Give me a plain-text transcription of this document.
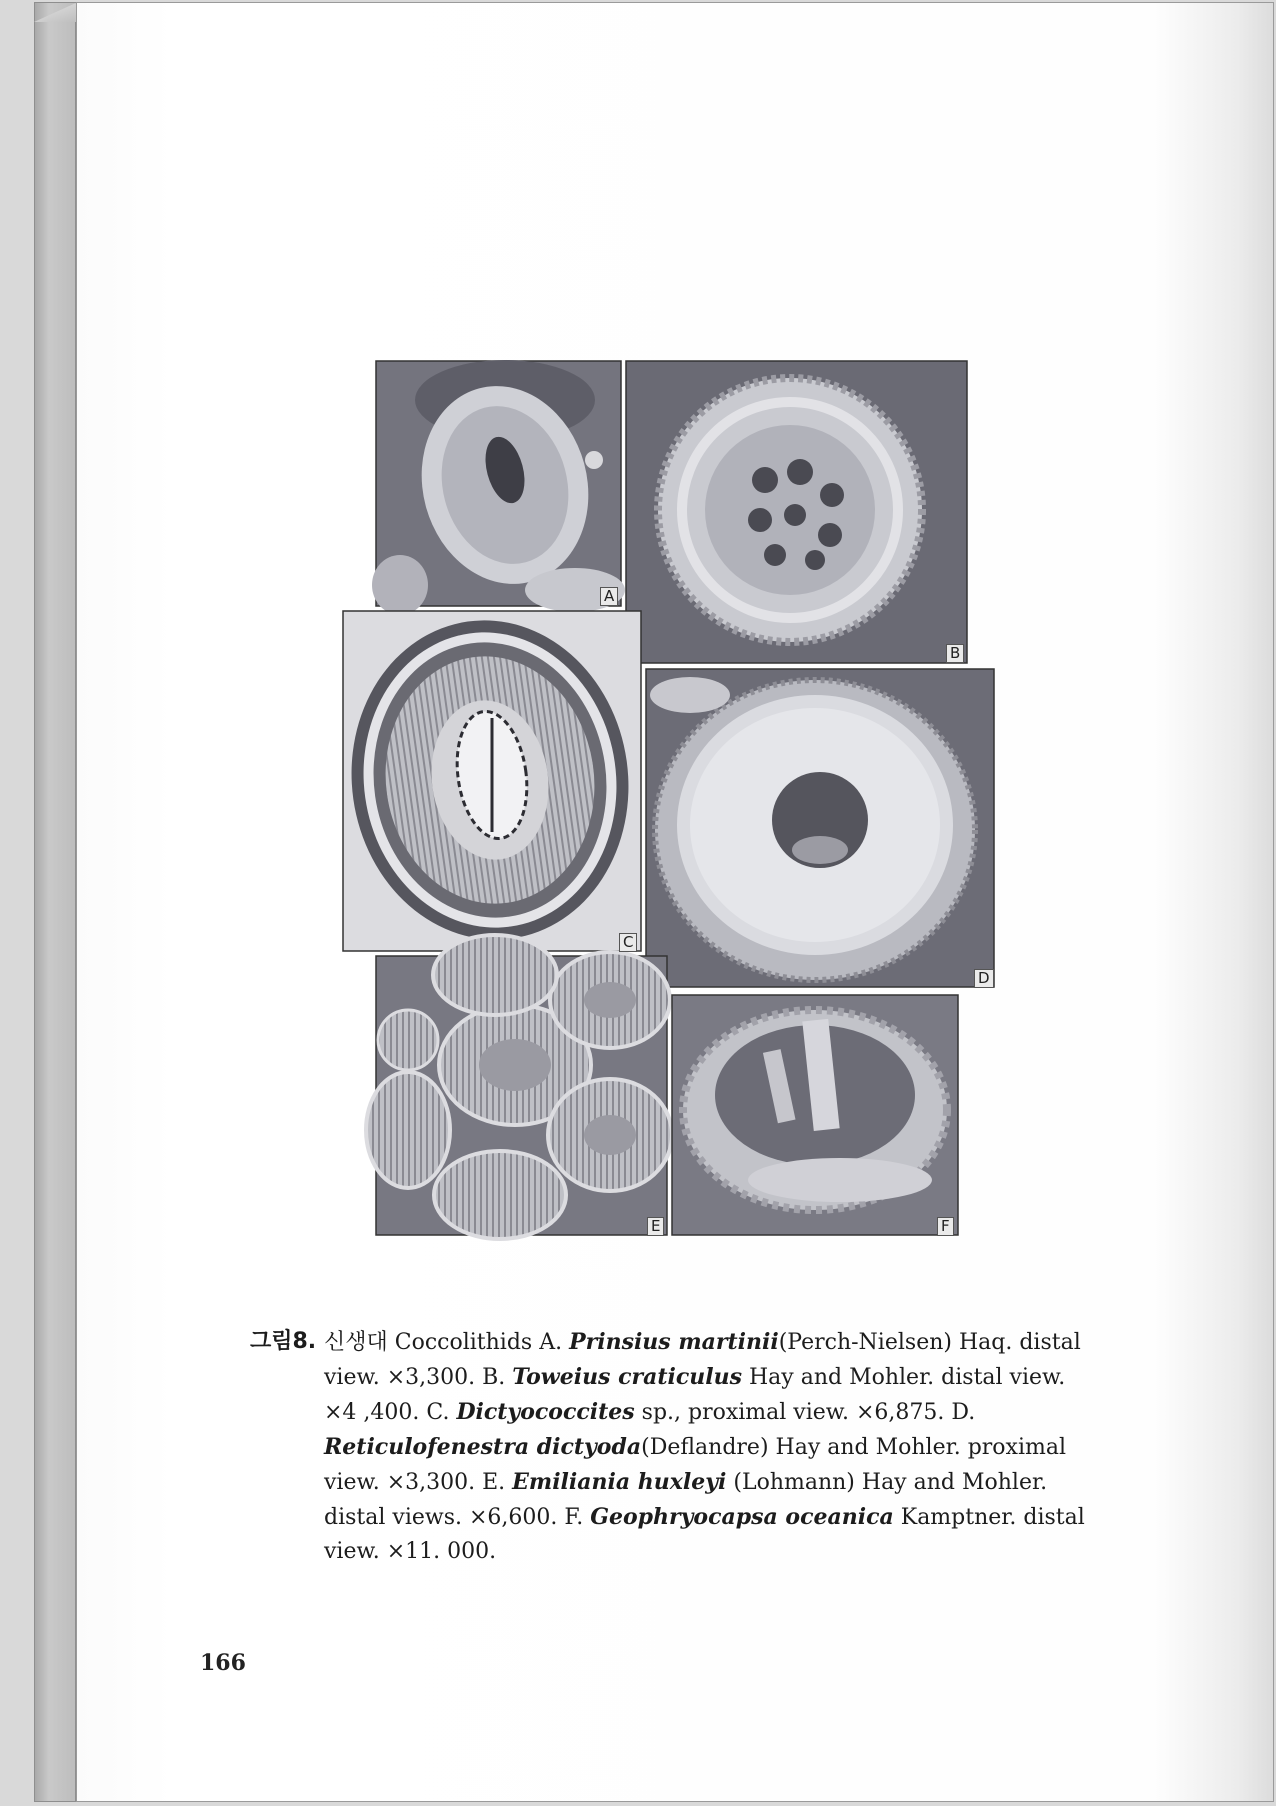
A
B
C
D
E	F
그림8. 신생대 Coccolithids A. Prinsius martinii(Perch-Nielsen) Haq. distal view. ×3,300. B. Toweius craticulus Hay and Mohler. distal view. ×4 ,400. C. Dictyococcites sp., proximal view. ×6,875. D. Reticulofenestra dictyoda(Deflandre) Hay and Mohler. proximal view. ×3,300. E. Emiliania huxleyi (Lohmann) Hay and Mohler. distal views. ×6,600. F. Geophryocapsa oceanica Kamptner. distal view. ×11. 000.
166
